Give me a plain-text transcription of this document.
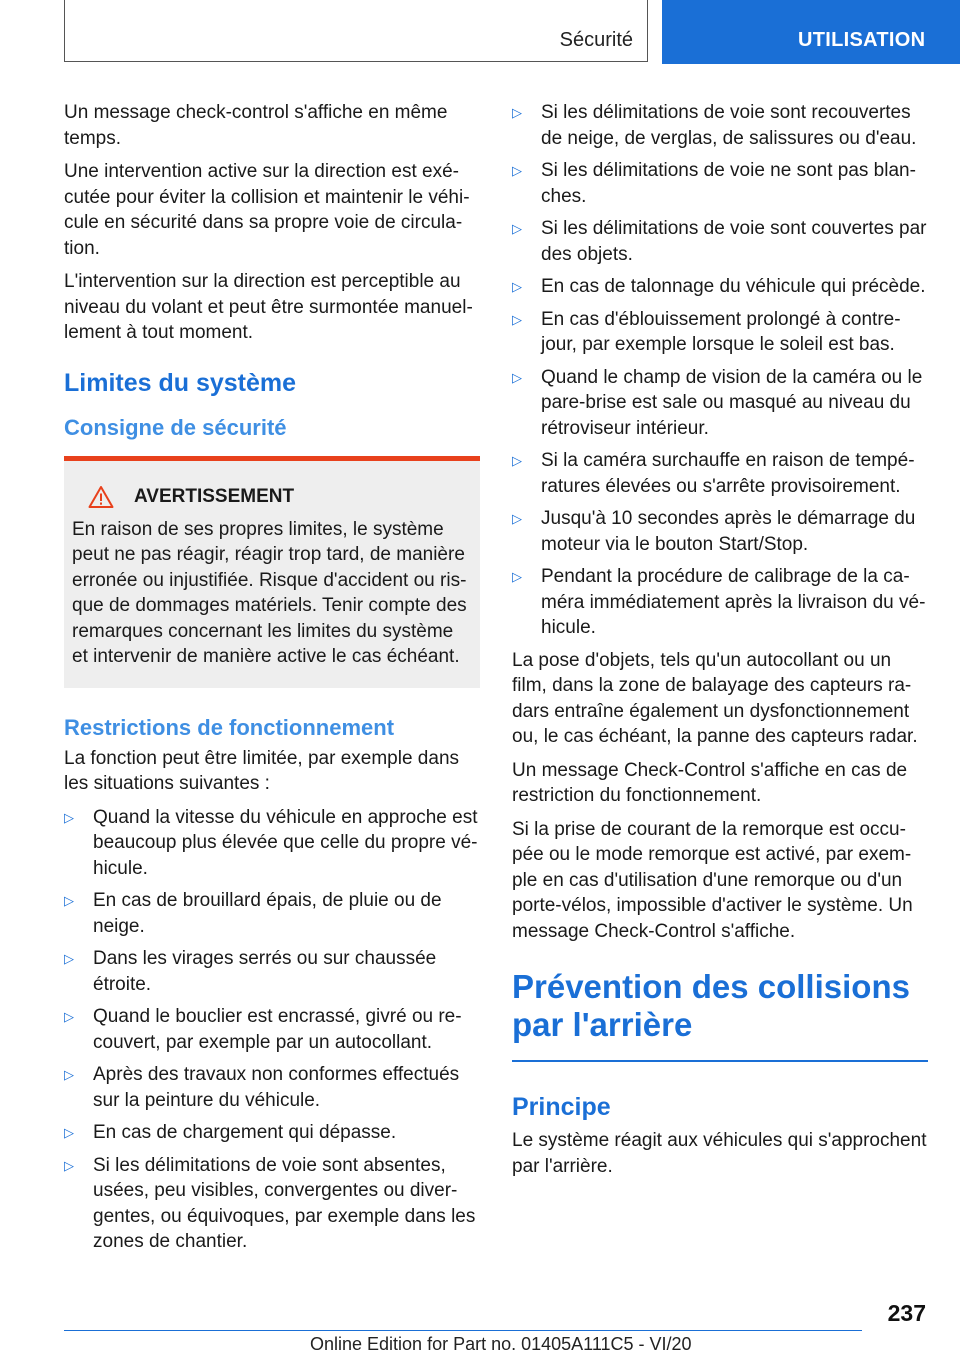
Sécurité	UTILISATION

Un message check-control s'affiche en même temps.

Une intervention active sur la direction est exécutée pour éviter la collision et maintenir le véhicule en sécurité dans sa propre voie de circulation.

L'intervention sur la direction est perceptible au niveau du volant et peut être surmontée manuellement à tout moment.

Limites du système
Consigne de sécurité
AVERTISSEMENT

En raison de ses propres limites, le système peut ne pas réagir, réagir trop tard, de manière erronée ou injustifiée. Risque d'accident ou risque de dommages matériels. Tenir compte des remarques concernant les limites du système et intervenir de manière active le cas échéant.

Restrictions de fonctionnement

La fonction peut être limitée, par exemple dans les situations suivantes :

▷ Quand la vitesse du véhicule en approche est beaucoup plus élevée que celle du propre véhicule.
▷ En cas de brouillard épais, de pluie ou de neige.
▷ Dans les virages serrés ou sur chaussée étroite.
▷ Quand le bouclier est encrassé, givré ou recouvert, par exemple par un autocollant.
▷ Après des travaux non conformes effectués sur la peinture du véhicule.
▷ En cas de chargement qui dépasse.
▷ Si les délimitations de voie sont absentes, usées, peu visibles, convergentes ou divergentes, ou équivoques, par exemple dans les zones de chantier.
▷ Si les délimitations de voie sont recouvertes de neige, de verglas, de salissures ou d'eau.
▷ Si les délimitations de voie ne sont pas blanches.
▷ Si les délimitations de voie sont couvertes par des objets.
▷ En cas de talonnage du véhicule qui précède.
▷ En cas d'éblouissement prolongé à contre-jour, par exemple lorsque le soleil est bas.
▷ Quand le champ de vision de la caméra ou le pare-brise est sale ou masqué au niveau du rétroviseur intérieur.
▷ Si la caméra surchauffe en raison de températures élevées ou s'arrête provisoirement.
▷ Jusqu'à 10 secondes après le démarrage du moteur via le bouton Start/Stop.
▷ Pendant la procédure de calibrage de la caméra immédiatement après la livraison du véhicule.

La pose d'objets, tels qu'un autocollant ou un film, dans la zone de balayage des capteurs radars entraîne également un dysfonctionnement ou, le cas échéant, la panne des capteurs radar.

Un message Check-Control s'affiche en cas de restriction du fonctionnement.

Si la prise de courant de la remorque est occupée ou le mode remorque est activé, par exemple en cas d'utilisation d'une remorque ou d'un porte-vélos, impossible d'activer le système. Un message Check-Control s'affiche.

Prévention des collisions par l'arrière
Principe

Le système réagit aux véhicules qui s'approchent par l'arrière.

237
Online Edition for Part no. 01405A111C5 - VI/20
